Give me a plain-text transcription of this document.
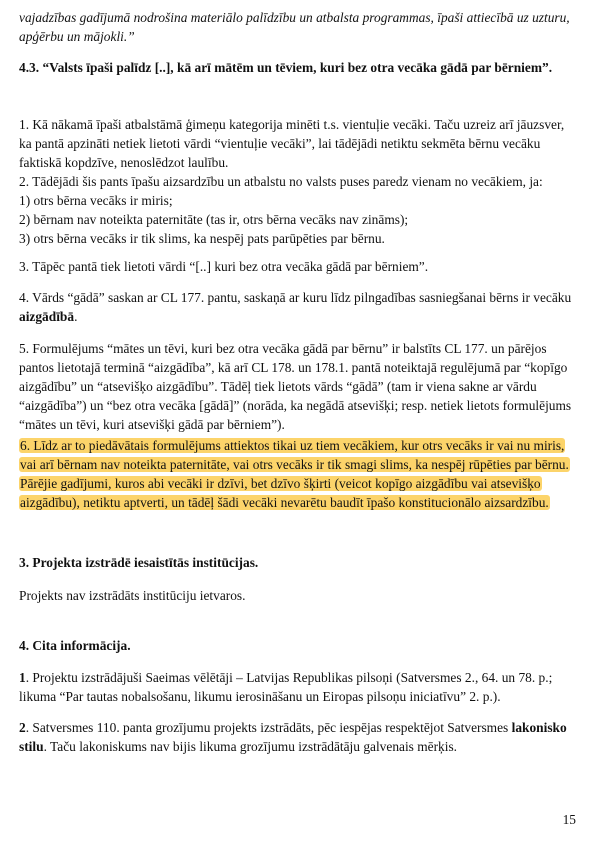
vajadzības gadījumā nodrošina materiālo palīdzību un atbalsta programmas, īpaši attiecībā uz uzturu, apģērbu un mājokli.”

4.3. “Valsts īpaši palīdz [..], kā arī mātēm un tēviem, kuri bez otra vecāka gādā par bērniem”.

1. Kā nākamā īpaši atbalstāmā ģimeņu kategorija minēti t.s. vientuļie vecāki. Taču uzreiz arī jāuzsver, ka pantā apzināti netiek lietoti vārdi “vientuļie vecāki”, lai tādējādi netiktu sekmēta bērnu vecāku faktiskā kopdzīve, nenoslēdzot laulību.

2. Tādējādi šis pants īpašu aizsardzību un atbalstu no valsts puses paredz vienam no vecākiem, ja:
1) otrs bērna vecāks ir miris;
2) bērnam nav noteikta paternitāte (tas ir, otrs bērna vecāks nav zināms);
3) otrs bērna vecāks ir tik slims, ka nespēj pats parūpēties par bērnu.

3. Tāpēc pantā tiek lietoti vārdi “[..] kuri bez otra vecāka gādā par bērniem”.

4. Vārds “gādā” saskan ar CL 177. pantu, saskaņā ar kuru līdz pilngadības sasniegšanai bērns ir vecāku aizgādībā.

5. Formulējums “mātes un tēvi, kuri bez otra vecāka gādā par bērnu” ir balstīts CL 177. un pārējos pantos lietotajā terminā “aizgādība”, kā arī CL 178. un 178.1. pantā noteiktajā regulējumā par “kopīgo aizgādību” un “atsevišķo aizgādību”. Tādēļ tiek lietots vārds “gādā” (tam ir viena sakne ar vārdu “aizgādība”) un “bez otra vecāka [gādā]” (norāda, ka negādā atsevišķi; resp. netiek lietots formulējums “mātes un tēvi, kuri atsevišķi gādā par bērniem”).

6. Līdz ar to piedāvātais formulējums attiektos tikai uz tiem vecākiem, kur otrs vecāks ir vai nu miris, vai arī bērnam nav noteikta paternitāte, vai otrs vecāks ir tik smagi slims, ka nespēj rūpēties par bērnu. Pārējie gadījumi, kuros abi vecāki ir dzīvi, bet dzīvo šķirti (veicot kopīgo aizgādību vai atsevišķo aizgādību), netiktu aptverti, un tādēļ šādi vecāki nevarētu baudīt īpašo konstitucionālo aizsardzību.

3. Projekta izstrādē iesaistītās institūcijas.

Projekts nav izstrādāts institūciju ietvaros.

4. Cita informācija.

1. Projektu izstrādājuši Saeimas vēlētāji – Latvijas Republikas pilsoņi (Satversmes 2., 64. un 78. p.; likuma “Par tautas nobalsošanu, likumu ierosināšanu un Eiropas pilsoņu iniciatīvu” 2. p.).

2. Satversmes 110. panta grozījumu projekts izstrādāts, pēc iespējas respektējot Satversmes lakonisko stilu. Taču lakoniskums nav bijis likuma grozījumu izstrādātāju galvenais mērķis.

15
